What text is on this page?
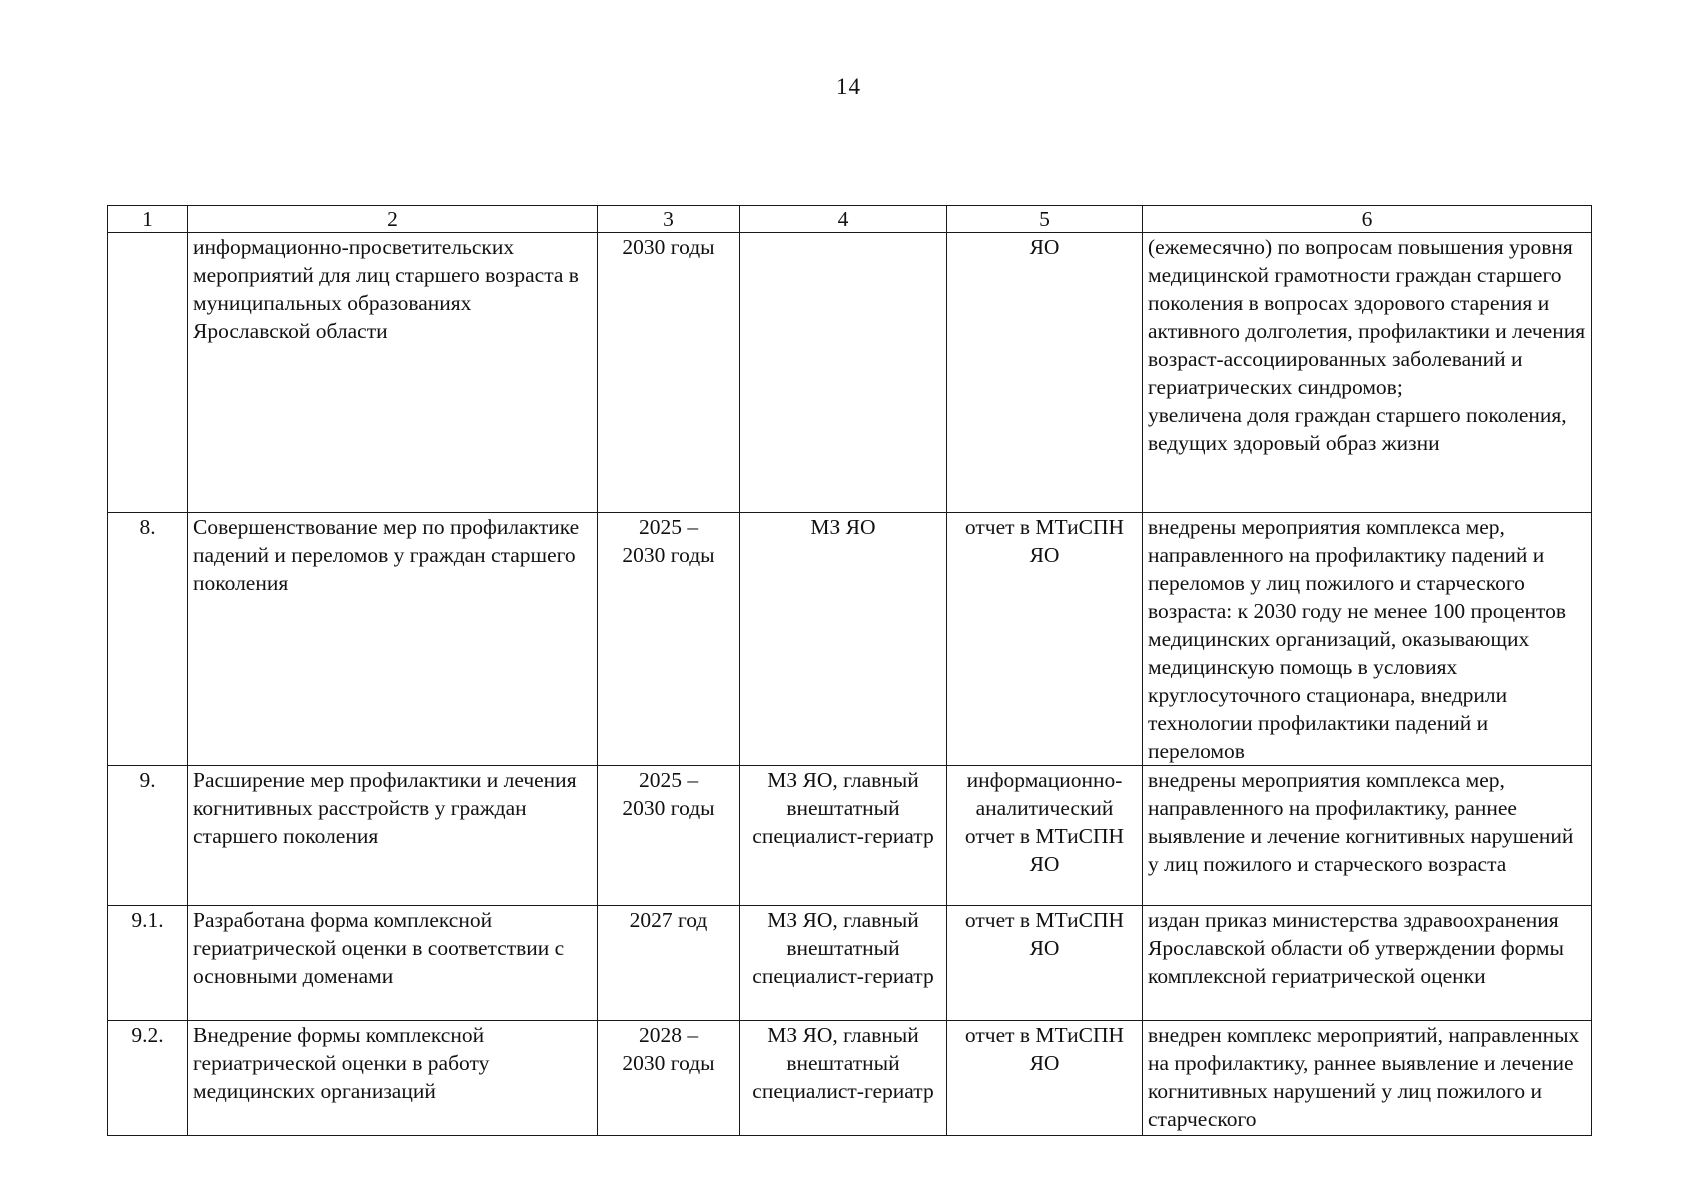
14
1	2	3	4	5	6
	информационно-просветительских мероприятий для лиц старшего возраста в муниципальных образованиях Ярославской области	2030 годы		ЯО	(ежемесячно) по вопросам повышения уровня медицинской грамотности граждан старшего поколения в вопросах здорового старения и активного долголетия, профилактики и лечения возраст-ассоциированных заболеваний и гериатрических синдромов;
увеличена доля граждан старшего поколения, ведущих здоровый образ жизни
8.	Совершенствование мер по профилактике падений и переломов у граждан старшего поколения	2025 –
2030 годы	МЗ ЯО	отчет в МТиСПН ЯО	внедрены мероприятия комплекса мер, направленного на профилактику падений и переломов у лиц пожилого и старческого возраста: к 2030 году не менее 100 процентов медицинских организаций, оказывающих медицинскую помощь в условиях круглосуточного стационара, внедрили технологии профилактики падений и переломов
9.	Расширение мер профилактики и лечения когнитивных расстройств у граждан старшего поколения	2025 –
2030 годы	МЗ ЯО, главный внештатный специалист-гериатр	информационно-аналитический отчет в МТиСПН ЯО	внедрены мероприятия комплекса мер, направленного на профилактику, раннее выявление и лечение когнитивных нарушений у лиц пожилого и старческого возраста
9.1.	Разработана форма комплексной гериатрической оценки в соответствии с основными доменами	2027 год	МЗ ЯО, главный внештатный специалист-гериатр	отчет в МТиСПН ЯО	издан приказ министерства здравоохранения Ярославской области об утверждении формы комплексной гериатрической оценки
9.2.	Внедрение формы комплексной гериатрической оценки в работу медицинских организаций	2028 –
2030 годы	МЗ ЯО, главный внештатный специалист-гериатр	отчет в МТиСПН ЯО	внедрен комплекс мероприятий, направленных на профилактику, раннее выявление и лечение когнитивных нарушений у лиц пожилого и старческого
